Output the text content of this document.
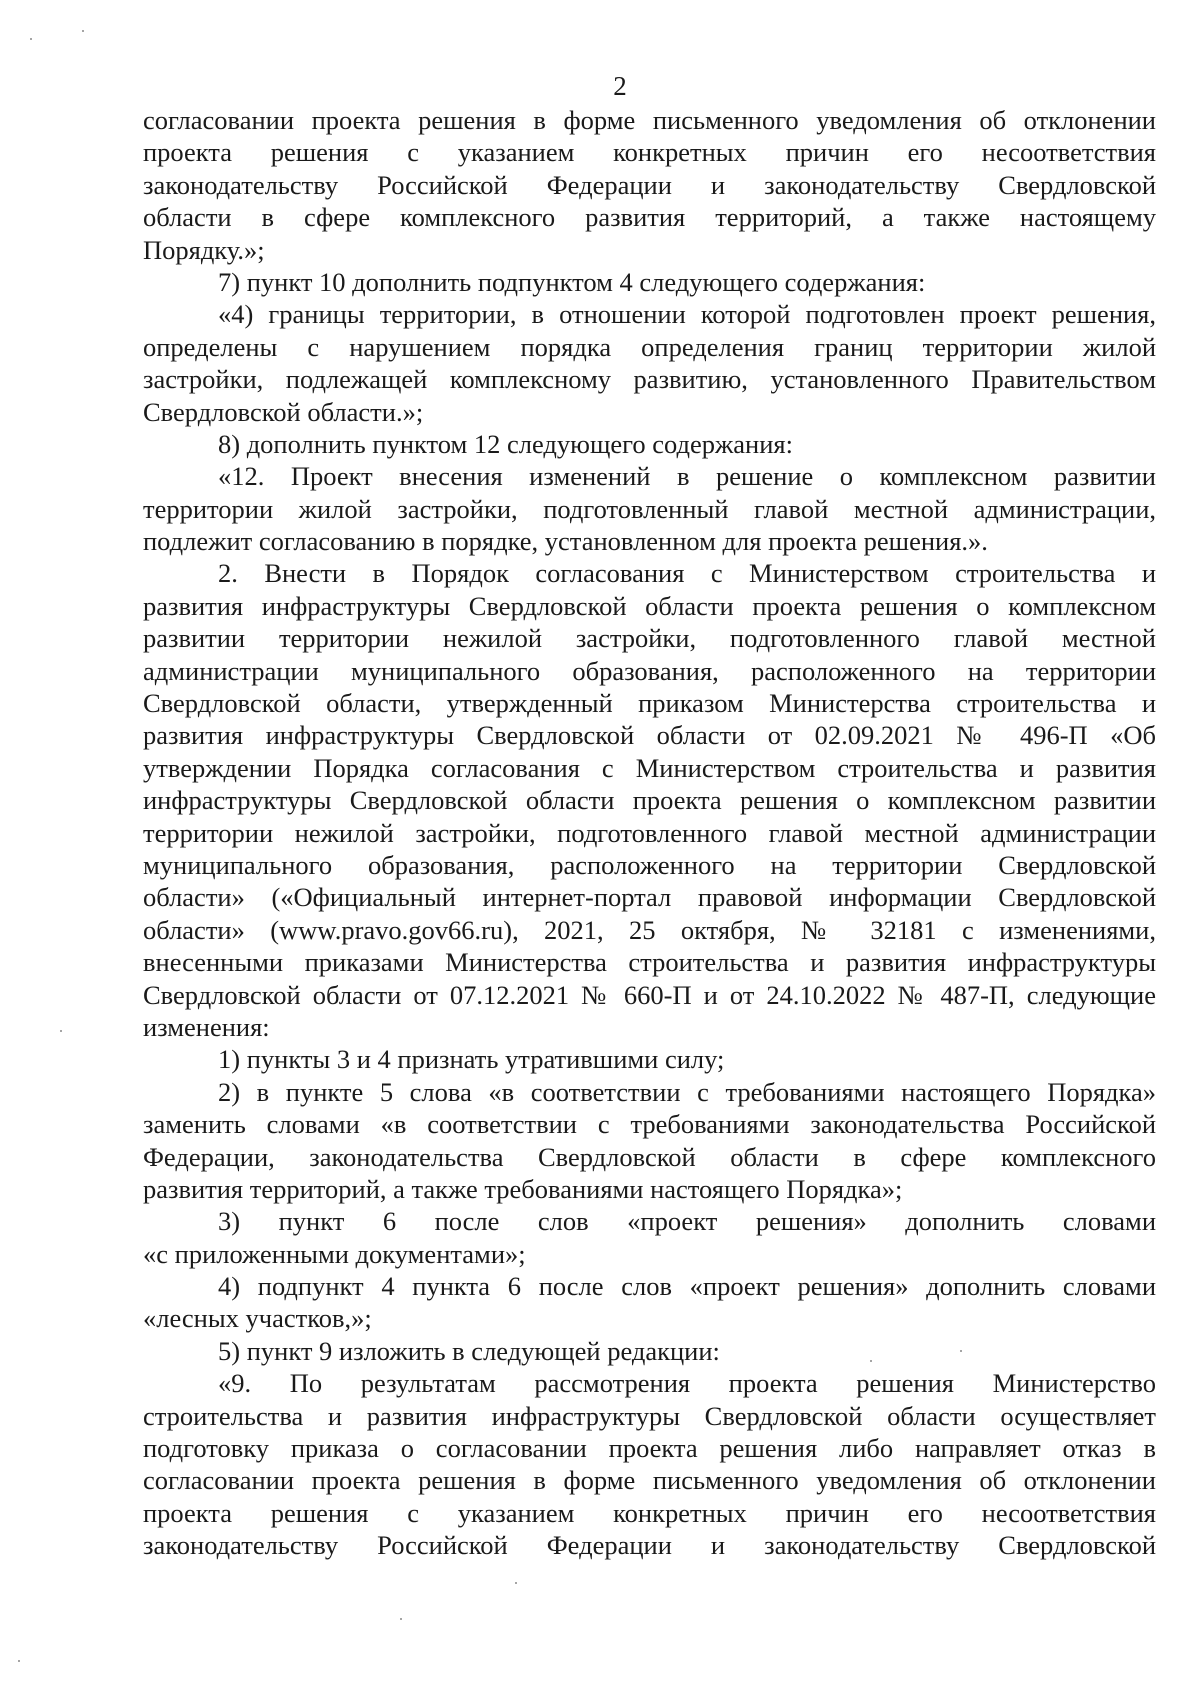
2
согласовании проекта решения в форме письменного уведомления об отклонении
проекта решения с указанием конкретных причин его несоответствия
законодательству Российской Федерации и законодательству Свердловской
области в сфере комплексного развития территорий, а также настоящему
Порядку.»;
7) пункт 10 дополнить подпунктом 4 следующего содержания:
«4) границы территории, в отношении которой подготовлен проект решения,
определены с нарушением порядка определения границ территории жилой
застройки, подлежащей комплексному развитию, установленного Правительством
Свердловской области.»;
8) дополнить пунктом 12 следующего содержания:
«12. Проект внесения изменений в решение о комплексном развитии
территории жилой застройки, подготовленный главой местной администрации,
подлежит согласованию в порядке, установленном для проекта решения.».
2. Внести в Порядок согласования с Министерством строительства и
развития инфраструктуры Свердловской области проекта решения о комплексном
развитии территории нежилой застройки, подготовленного главой местной
администрации муниципального образования, расположенного на территории
Свердловской области, утвержденный приказом Министерства строительства и
развития инфраструктуры Свердловской области от 02.09.2021 № 496-П «Об
утверждении Порядка согласования с Министерством строительства и развития
инфраструктуры Свердловской области проекта решения о комплексном развитии
территории нежилой застройки, подготовленного главой местной администрации
муниципального образования, расположенного на территории Свердловской
области» («Официальный интернет-портал правовой информации Свердловской
области» (www.pravo.gov66.ru), 2021, 25 октября, № 32181 с изменениями,
внесенными приказами Министерства строительства и развития инфраструктуры
Свердловской области от 07.12.2021 № 660-П и от 24.10.2022 № 487-П, следующие
изменения:
1) пункты 3 и 4 признать утратившими силу;
2) в пункте 5 слова «в соответствии с требованиями настоящего Порядка»
заменить словами «в соответствии с требованиями законодательства Российской
Федерации, законодательства Свердловской области в сфере комплексного
развития территорий, а также требованиями настоящего Порядка»;
3) пункт 6 после слов «проект решения» дополнить словами
«с приложенными документами»;
4) подпункт 4 пункта 6 после слов «проект решения» дополнить словами
«лесных участков,»;
5) пункт 9 изложить в следующей редакции:
«9. По результатам рассмотрения проекта решения Министерство
строительства и развития инфраструктуры Свердловской области осуществляет
подготовку приказа о согласовании проекта решения либо направляет отказ в
согласовании проекта решения в форме письменного уведомления об отклонении
проекта решения с указанием конкретных причин его несоответствия
законодательству Российской Федерации и законодательству Свердловской
